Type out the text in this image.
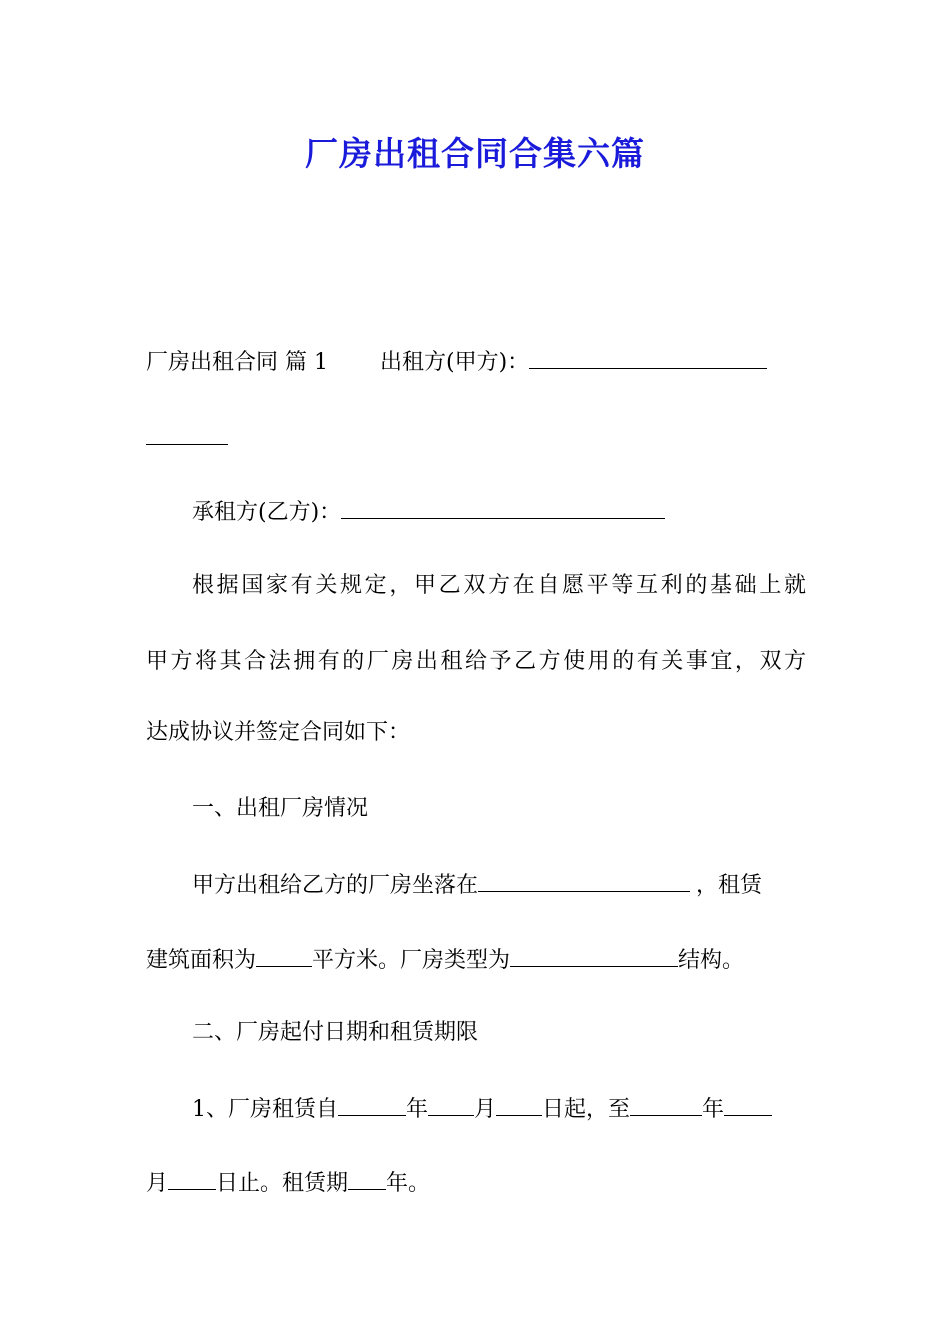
厂房出租合同合集六篇
厂房出租合同 篇 1 出租方(甲方)：
承租方(乙方)：
根据国家有关规定，甲乙双方在自愿平等互利的基础上就
甲方将其合法拥有的厂房出租给予乙方使用的有关事宜，双方
达成协议并签定合同如下：
一、出租厂房情况
甲方出租给乙方的厂房坐落在	，租赁
建筑面积为	平方米。厂房类型为	结构。
二、厂房起付日期和租赁期限
1、厂房租赁自	年 月 日起，至	年
月 日止。租赁期 年。
